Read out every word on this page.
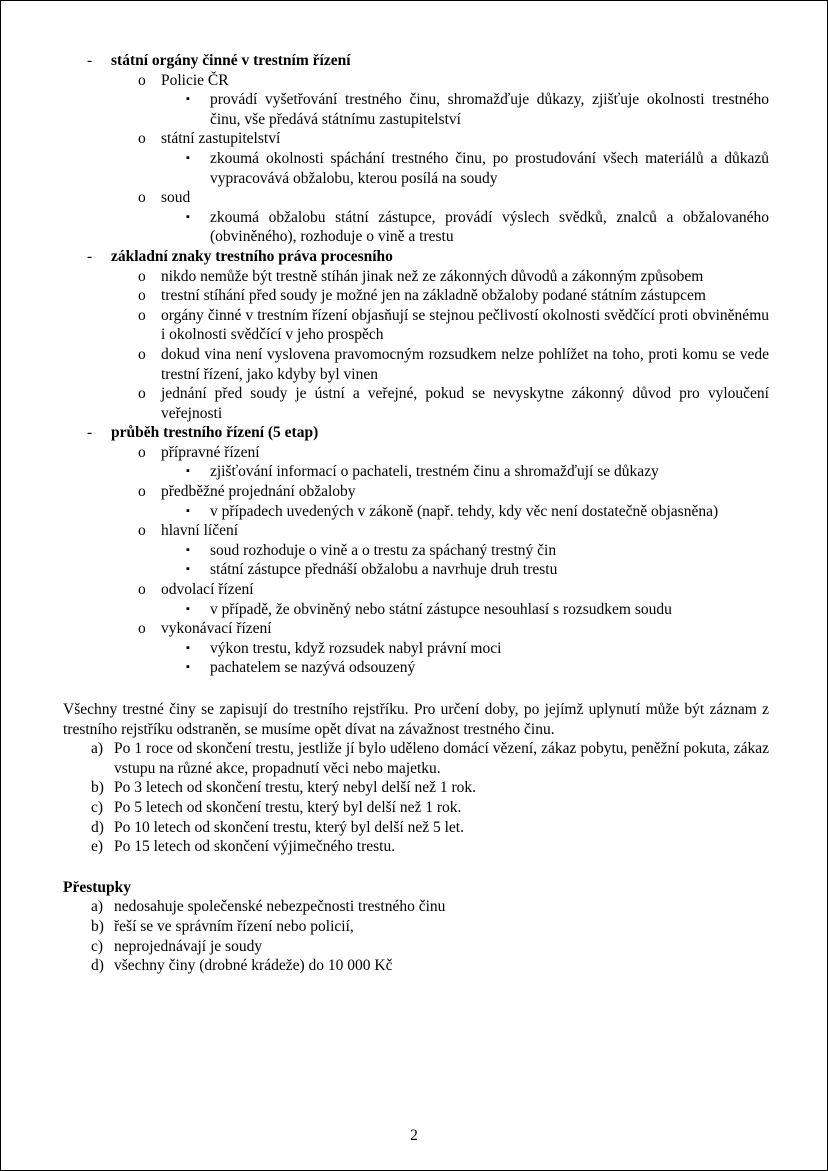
-	státní orgány činné v trestním řízení
o Policie ČR
▪	provádí vyšetřování trestného činu, shromažďuje důkazy, zjišťuje okolnosti trestného činu, vše předává státnímu zastupitelství
o státní zastupitelství
▪	zkoumá okolnosti spáchání trestného činu, po prostudování všech materiálů a důkazů vypracovává obžalobu, kterou posílá na soudy
o soud
▪	zkoumá obžalobu státní zástupce, provádí výslech svědků, znalců a obžalovaného (obviněného), rozhoduje o vině a trestu
-	základní znaky trestního práva procesního
o nikdo nemůže být trestně stíhán jinak než ze zákonných důvodů a zákonným způsobem
o trestní stíhání před soudy je možné jen na základně obžaloby podané státním zástupcem
o orgány činné v trestním řízení objasňují se stejnou pečlivostí okolnosti svědčící proti obviněnému i okolnosti svědčící v jeho prospěch
o dokud vina není vyslovena pravomocným rozsudkem nelze pohlížet na toho, proti komu se vede trestní řízení, jako kdyby byl vinen
o jednání před soudy je ústní a veřejné, pokud se nevyskytne zákonný důvod pro vyloučení veřejnosti
-	průběh trestního řízení (5 etap)
o přípravné řízení
▪	zjišťování informací o pachateli, trestném činu a shromažďují se důkazy
o předběžné projednání obžaloby
▪	v případech uvedených v zákoně (např. tehdy, kdy věc není dostatečně objasněna)
o hlavní líčení
▪	soud rozhoduje o vině a o trestu za spáchaný trestný čin
▪	státní zástupce přednáší obžalobu a navrhuje druh trestu
o odvolací řízení
▪	v případě, že obviněný nebo státní zástupce nesouhlasí s rozsudkem soudu
o vykonávací řízení
▪	výkon trestu, když rozsudek nabyl právní moci
▪	pachatelem se nazývá odsouzený
Všechny trestné činy se zapisují do trestního rejstříku. Pro určení doby, po jejímž uplynutí může být záznam z trestního rejstříku odstraněn, se musíme opět dívat na závažnost trestného činu.
a) Po 1 roce od skončení trestu, jestliže jí bylo uděleno domácí vězení, zákaz pobytu, peněžní pokuta, zákaz vstupu na různé akce, propadnutí věci nebo majetku.
b) Po 3 letech od skončení trestu, který nebyl delší než 1 rok.
c) Po 5 letech od skončení trestu, který byl delší než 1 rok.
d) Po 10 letech od skončení trestu, který byl delší než 5 let.
e) Po 15 letech od skončení výjimečného trestu.
Přestupky
a) nedosahuje společenské nebezpečnosti trestného činu
b) řeší se ve správním řízení nebo policií,
c) neprojednávají je soudy
d) všechny činy (drobné krádeže) do 10 000 Kč
2
